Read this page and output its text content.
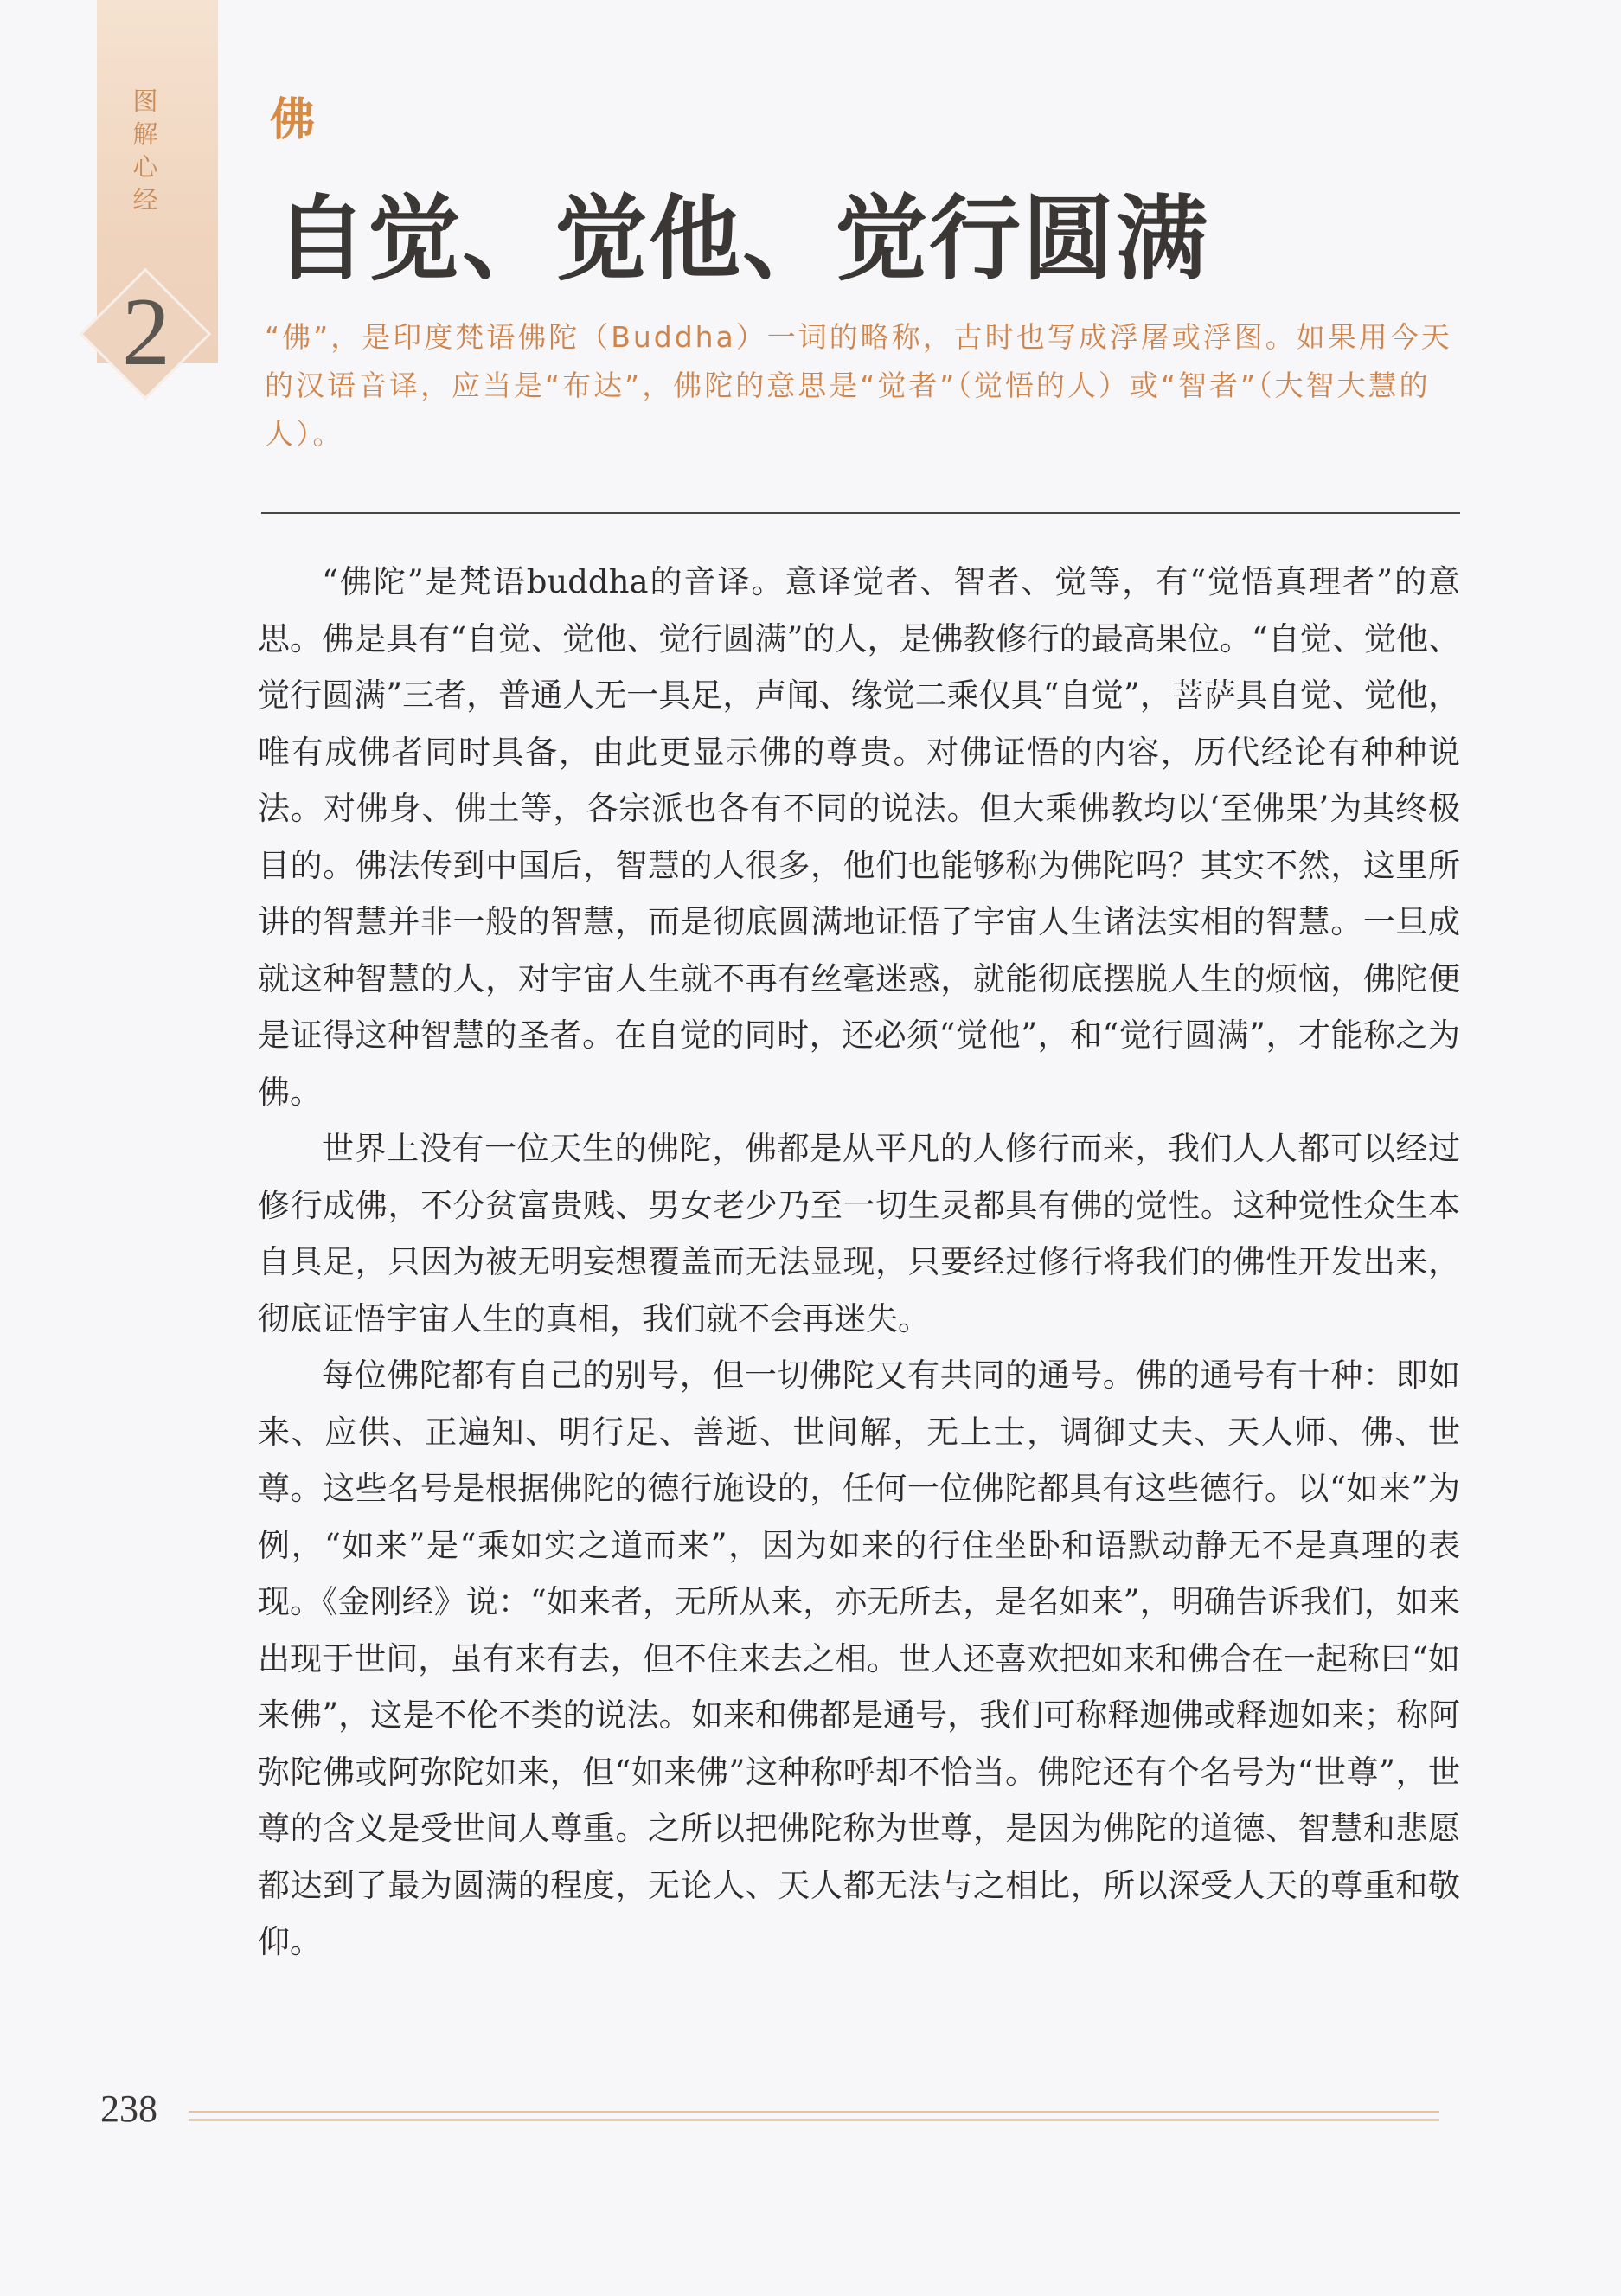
图解心经
2
佛
自觉、觉他、觉行圆满
“佛”，是印度梵语佛陀（Buddha）一词的略称，古时也写成浮屠或浮图。如果用今天的汉语音译，应当是“布达”，佛陀的意思是“觉者”（觉悟的人）或“智者”（大智大慧的人）。

“佛陀”是梵语buddha的音译。意译觉者、智者、觉等，有“觉悟真理者”的意思。佛是具有“自觉、觉他、觉行圆满”的人，是佛教修行的最高果位。“自觉、觉他、觉行圆满”三者，普通人无一具足，声闻、缘觉二乘仅具“自觉”，菩萨具自觉、觉他，唯有成佛者同时具备，由此更显示佛的尊贵。对佛证悟的内容，历代经论有种种说法。对佛身、佛土等，各宗派也各有不同的说法。但大乘佛教均以‘至佛果’为其终极目的。佛法传到中国后，智慧的人很多，他们也能够称为佛陀吗？其实不然，这里所讲的智慧并非一般的智慧，而是彻底圆满地证悟了宇宙人生诸法实相的智慧。一旦成就这种智慧的人，对宇宙人生就不再有丝毫迷惑，就能彻底摆脱人生的烦恼，佛陀便是证得这种智慧的圣者。在自觉的同时，还必须“觉他”，和“觉行圆满”，才能称之为佛。

世界上没有一位天生的佛陀，佛都是从平凡的人修行而来，我们人人都可以经过修行成佛，不分贫富贵贱、男女老少乃至一切生灵都具有佛的觉性。这种觉性众生本自具足，只因为被无明妄想覆盖而无法显现，只要经过修行将我们的佛性开发出来，彻底证悟宇宙人生的真相，我们就不会再迷失。

每位佛陀都有自己的别号，但一切佛陀又有共同的通号。佛的通号有十种：即如来、应供、正遍知、明行足、善逝、世间解，无上士，调御丈夫、天人师、佛、世尊。这些名号是根据佛陀的德行施设的，任何一位佛陀都具有这些德行。以“如来”为例，“如来”是“乘如实之道而来”，因为如来的行住坐卧和语默动静无不是真理的表现。《金刚经》说：“如来者，无所从来，亦无所去，是名如来”，明确告诉我们，如来出现于世间，虽有来有去，但不住来去之相。世人还喜欢把如来和佛合在一起称曰“如来佛”，这是不伦不类的说法。如来和佛都是通号，我们可称释迦佛或释迦如来；称阿弥陀佛或阿弥陀如来，但“如来佛”这种称呼却不恰当。佛陀还有个名号为“世尊”，世尊的含义是受世间人尊重。之所以把佛陀称为世尊，是因为佛陀的道德、智慧和悲愿都达到了最为圆满的程度，无论人、天人都无法与之相比，所以深受人天的尊重和敬仰。

238
